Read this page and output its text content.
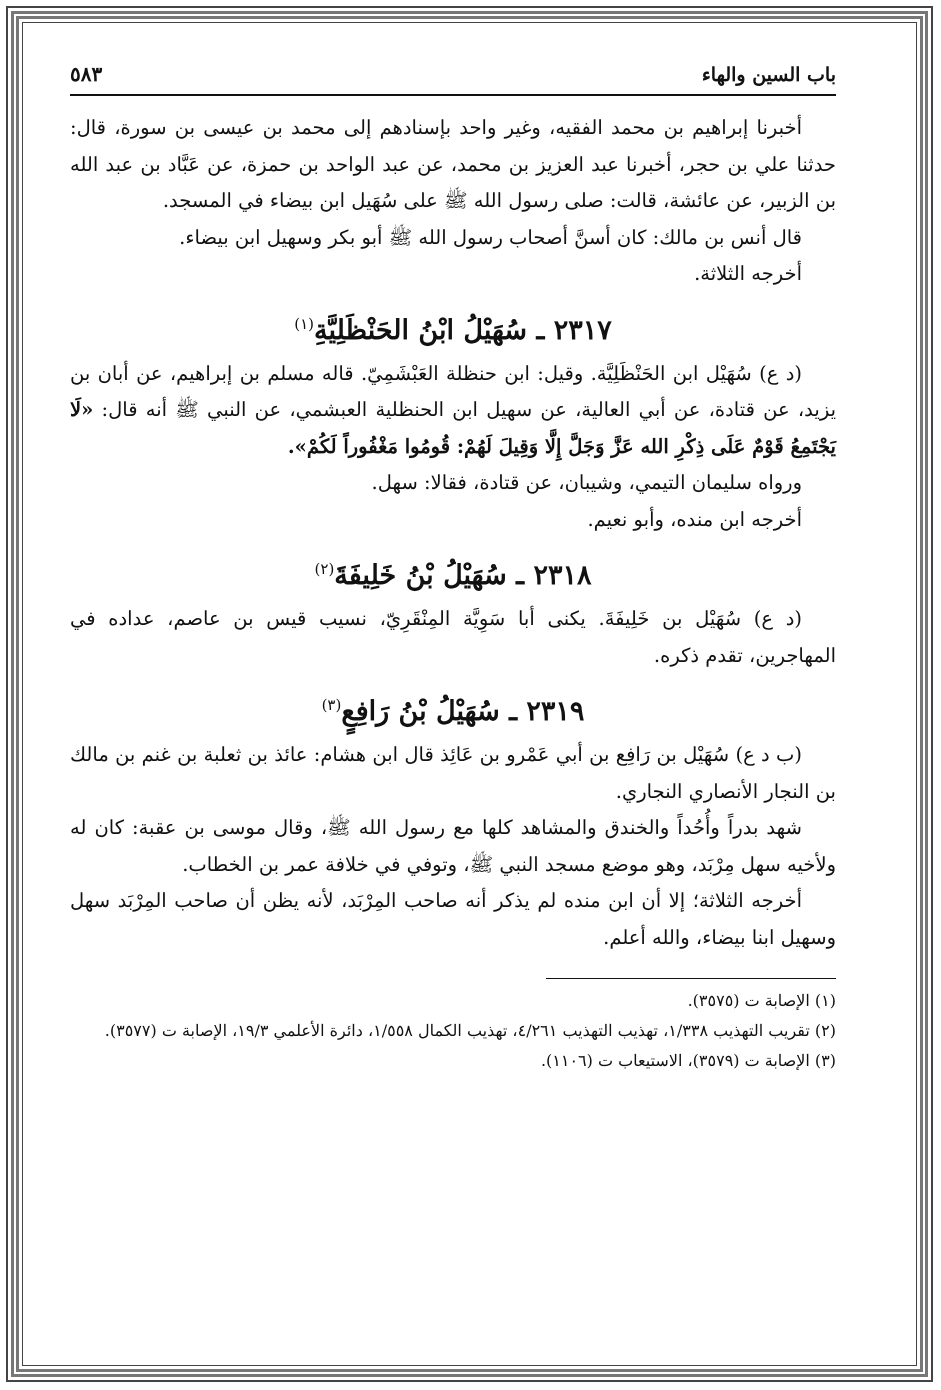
باب السين والهاء
٥٨٣

أخبرنا إبراهيم بن محمد الفقيه، وغير واحد بإسنادهم إلى محمد بن عيسى بن سورة، قال: حدثنا علي بن حجر، أخبرنا عبد العزيز بن محمد، عن عبد الواحد بن حمزة، عن عَبَّاد بن عبد الله بن الزبير، عن عائشة، قالت: صلى رسول الله ﷺ على سُهَيل ابن بيضاء في المسجد.

قال أنس بن مالك: كان أسنَّ أصحاب رسول الله ﷺ أبو بكر وسهيل ابن بيضاء.

أخرجه الثلاثة.

٢٣١٧ ـ سُهَيْلُ ابْنُ الحَنْظَلِيَّةِ$^{(١)}$

(د ع) سُهَيْل ابن الحَنْظَلِيَّة. وقيل: ابن حنظلة العَبْشَمِيّ. قاله مسلم بن إبراهيم، عن أبان بن يزيد، عن قتادة، عن أبي العالية، عن سهيل ابن الحنظلية العبشمي، عن النبي ﷺ أنه قال: «لَا يَجْتَمِعُ قَوْمٌ عَلَى ذِكْرِ الله عَزَّ وَجَلَّ إِلَّا وَقِيلَ لَهُمْ: قُومُوا مَغْفُوراً لَكُمْ».

ورواه سليمان التيمي، وشيبان، عن قتادة، فقالا: سهل.

أخرجه ابن منده، وأبو نعيم.

٢٣١٨ ـ سُهَيْلُ بْنُ خَلِيفَةَ$^{(٢)}$

(د ع) سُهَيْل بن خَلِيفَةَ. يكنى أبا سَوِيَّة المِنْقَرِيّ، نسيب قيس بن عاصم، عداده في المهاجرين، تقدم ذكره.

٢٣١٩ ـ سُهَيْلُ بْنُ رَافِعٍ$^{(٣)}$

(ب د ع) سُهَيْل بن رَافِع بن أبي عَمْرو بن عَائِذ قال ابن هشام: عائذ بن ثعلبة بن غنم بن مالك بن النجار الأنصاري النجاري.

شهد بدراً وأُحُداً والخندق والمشاهد كلها مع رسول الله ﷺ، وقال موسى بن عقبة: كان له ولأخيه سهل مِرْبَد، وهو موضع مسجد النبي ﷺ، وتوفي في خلافة عمر بن الخطاب.

أخرجه الثلاثة؛ إلا أن ابن منده لم يذكر أنه صاحب المِرْبَد، لأنه يظن أن صاحب المِرْبَد سهل وسهيل ابنا بيضاء، والله أعلم.

(١) الإصابة ت (٣٥٧٥).

(٢) تقريب التهذيب ١/٣٣٨، تهذيب التهذيب ٤/٢٦١، تهذيب الكمال ١/٥٥٨، دائرة الأعلمي ١٩/٣، الإصابة ت (٣٥٧٧).

(٣) الإصابة ت (٣٥٧٩)، الاستيعاب ت (١١٠٦).
